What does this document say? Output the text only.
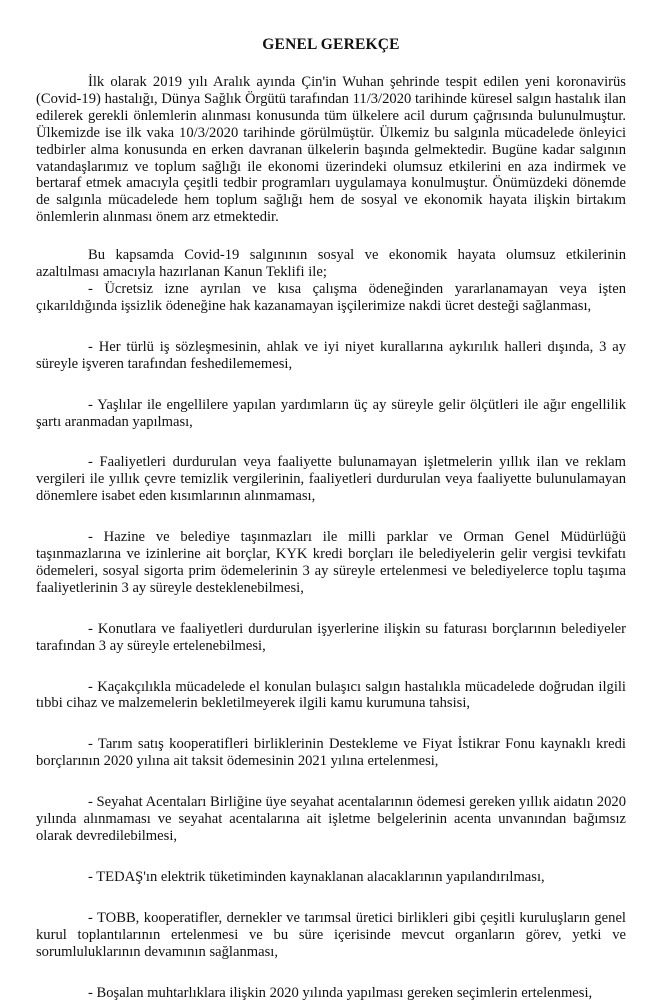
GENEL GEREKÇE

İlk olarak 2019 yılı Aralık ayında Çin'in Wuhan şehrinde tespit edilen yeni koronavirüs (Covid-19) hastalığı, Dünya Sağlık Örgütü tarafından 11/3/2020 tarihinde küresel salgın hastalık ilan edilerek gerekli önlemlerin alınması konusunda tüm ülkelere acil durum çağrısında bulunulmuştur. Ülkemizde ise ilk vaka 10/3/2020 tarihinde görülmüştür. Ülkemiz bu salgınla mücadelede önleyici tedbirler alma konusunda en erken davranan ülkelerin başında gelmektedir. Bugüne kadar salgının vatandaşlarımız ve toplum sağlığı ile ekonomi üzerindeki olumsuz etkilerini en aza indirmek ve bertaraf etmek amacıyla çeşitli tedbir programları uygulamaya konulmuştur. Önümüzdeki dönemde de salgınla mücadelede hem toplum sağlığı hem de sosyal ve ekonomik hayata ilişkin birtakım önlemlerin alınması önem arz etmektedir.

Bu kapsamda Covid-19 salgınının sosyal ve ekonomik hayata olumsuz etkilerinin azaltılması amacıyla hazırlanan Kanun Teklifi ile;

- Ücretsiz izne ayrılan ve kısa çalışma ödeneğinden yararlanamayan veya işten çıkarıldığında işsizlik ödeneğine hak kazanamayan işçilerimize nakdi ücret desteği sağlanması,

- Her türlü iş sözleşmesinin, ahlak ve iyi niyet kurallarına aykırılık halleri dışında, 3 ay süreyle işveren tarafından feshedilememesi,

- Yaşlılar ile engellilere yapılan yardımların üç ay süreyle gelir ölçütleri ile ağır engellilik şartı aranmadan yapılması,

- Faaliyetleri durdurulan veya faaliyette bulunamayan işletmelerin yıllık ilan ve reklam vergileri ile yıllık çevre temizlik vergilerinin, faaliyetleri durdurulan veya faaliyette bulunulamayan dönemlere isabet eden kısımlarının alınmaması,

- Hazine ve belediye taşınmazları ile milli parklar ve Orman Genel Müdürlüğü taşınmazlarına ve izinlerine ait borçlar, KYK kredi borçları ile belediyelerin gelir vergisi tevkifatı ödemeleri, sosyal sigorta prim ödemelerinin 3 ay süreyle ertelenmesi ve belediyelerce toplu taşıma faaliyetlerinin 3 ay süreyle desteklenebilmesi,

- Konutlara ve faaliyetleri durdurulan işyerlerine ilişkin su faturası borçlarının belediyeler tarafından 3 ay süreyle ertelenebilmesi,

- Kaçakçılıkla mücadelede el konulan bulaşıcı salgın hastalıkla mücadelede doğrudan ilgili tıbbi cihaz ve malzemelerin bekletilmeyerek ilgili kamu kurumuna tahsisi,

- Tarım satış kooperatifleri birliklerinin Destekleme ve Fiyat İstikrar Fonu kaynaklı kredi borçlarının 2020 yılına ait taksit ödemesinin 2021 yılına ertelenmesi,

- Seyahat Acentaları Birliğine üye seyahat acentalarının ödemesi gereken yıllık aidatın 2020 yılında alınmaması ve seyahat acentalarına ait işletme belgelerinin acenta unvanından bağımsız olarak devredilebilmesi,

- TEDAŞ'ın elektrik tüketiminden kaynaklanan alacaklarının yapılandırılması,

- TOBB, kooperatifler, dernekler ve tarımsal üretici birlikleri gibi çeşitli kuruluşların genel kurul toplantılarının ertelenmesi ve bu süre içerisinde mevcut organların görev, yetki ve sorumluluklarının devamının sağlanması,

- Boşalan muhtarlıklara ilişkin 2020 yılında yapılması gereken seçimlerin ertelenmesi,
